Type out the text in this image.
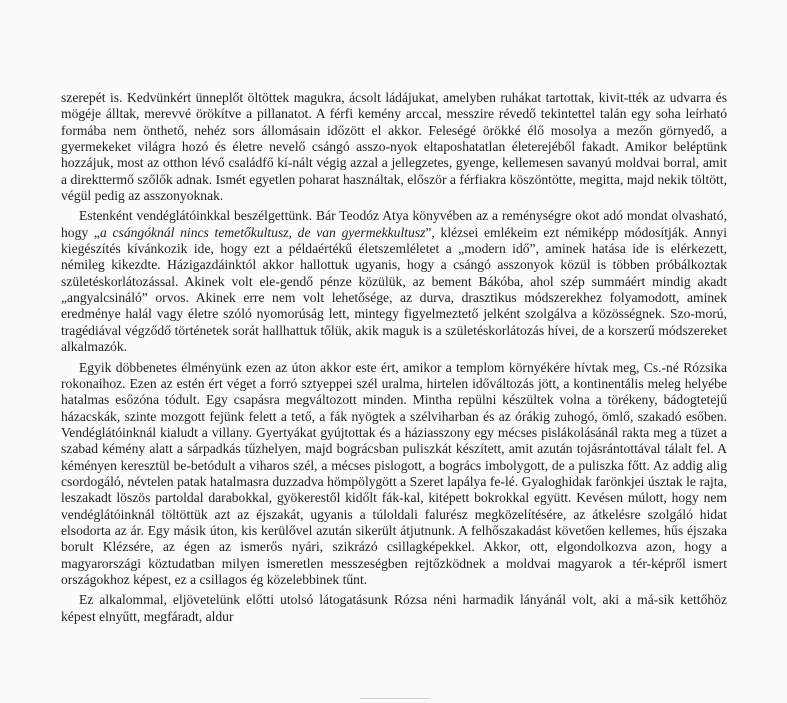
szerepét is. Kedvünkért ünneplőt öltöttek magukra, ácsolt ládájukat, amelyben ruhákat tartottak, kivit-tték az udvarra és mögéje álltak, merevvé örökítve a pillanatot. A férfi kemény arccal, messzire révedő tekintettel talán egy soha leírható formába nem önthető, nehéz sors állomásain időzött el akkor. Feleségé örökké élő mosolya a mezőn görnyedő, a gyermekeket világra hozó és életre nevelő csángó asszo-nyok eltaposhatatlan életerejéből fakadt. Amikor beléptünk hozzájuk, most az otthon lévő családfő kí-nált végig azzal a jellegzetes, gyenge, kellemesen savanyú moldvai borral, amit a direkttermő szőlők adnak. Ismét egyetlen poharat használtak, először a férfiakra köszöntötte, megitta, majd nekik töltött, végül pedig az asszonyoknak.

Estenként vendéglátóinkkal beszélgettünk. Bár Teodóz Atya könyvében az a reménységre okot adó mondat olvasható, hogy „a csángóknál nincs temetőkultusz, de van gyermekkultusz”, klézsei emlékeim ezt némiképp módosítják. Annyi kiegészítés kívánkozik ide, hogy ezt a példaértékű életszemléletet a „modern idő”, aminek hatása ide is elérkezett, némileg kikezdte. Házigazdáinktól akkor hallottuk ugyanis, hogy a csángó asszonyok közül is többen próbálkoztak születéskorlátozással. Akinek volt ele-gendő pénze közülük, az bement Bákóba, ahol szép summáért mindig akadt „angyalcsináló” orvos. Akinek erre nem volt lehetősége, az durva, drasztikus módszerekhez folyamodott, aminek eredménye halál vagy életre szóló nyomorúság lett, mintegy figyelmeztető jelként szolgálva a közösségnek. Szo-morú, tragédiával végződő történetek sorát hallhattuk tőlük, akik maguk is a születéskorlátozás hívei, de a korszerű módszereket alkalmazók.

Egyik döbbenetes élményünk ezen az úton akkor este ért, amikor a templom környékére hívtak meg, Cs.-né Rózsika rokonaihoz. Ezen az estén ért véget a forró sztyeppei szél uralma, hirtelen időváltozás jött, a kontinentális meleg helyébe hatalmas esőzóna tódult. Egy csapásra megváltozott minden. Mintha repülni készültek volna a törékeny, bádogtetejű házacskák, szinte mozgott fejünk felett a tető, a fák nyögtek a szélviharban és az órákig zuhogó, ömlő, szakadó esőben. Vendéglátóinknál kialudt a villany. Gyertyákat gyújtottak és a háziasszony egy mécses pislákolásánál rakta meg a tüzet a szabad kémény alatt a sárpadkás tűzhelyen, majd bográcsban puliszkát készített, amit azután tojásrántottával tálalt fel. A kéményen keresztül be-betódult a viharos szél, a mécses pislogott, a bogrács imbolygott, de a puliszka főtt. Az addig alig csordogáló, névtelen patak hatalmasra duzzadva hömpölygött a Szeret lapálya fe-lé. Gyaloghidak farönkjei úsztak le rajta, leszakadt löszös partoldal darabokkal, gyökerestől kidőlt fák-kal, kitépett bokrokkal együtt. Kevésen múlott, hogy nem vendéglátóinknál töltöttük azt az éjszakát, ugyanis a túloldali falurész megközelítésére, az átkelésre szolgáló hidat elsodorta az ár. Egy másik úton, kis kerülővel azután sikerült átjutnunk. A felhőszakadást követően kellemes, hűs éjszaka borult Klézsére, az égen az ismerős nyári, szikrázó csillagképekkel. Akkor, ott, elgondolkozva azon, hogy a magyarországi köztudatban milyen ismeretlen messzeségben rejtőzködnek a moldvai magyarok a tér-képről ismert országokhoz képest, ez a csillagos ég közelebbinek tűnt.

Ez alkalommal, eljövetelünk előtti utolsó látogatásunk Rózsa néni harmadik lányánál volt, aki a má-sik kettőhöz képest elnyűtt, megfáradt, aldur
